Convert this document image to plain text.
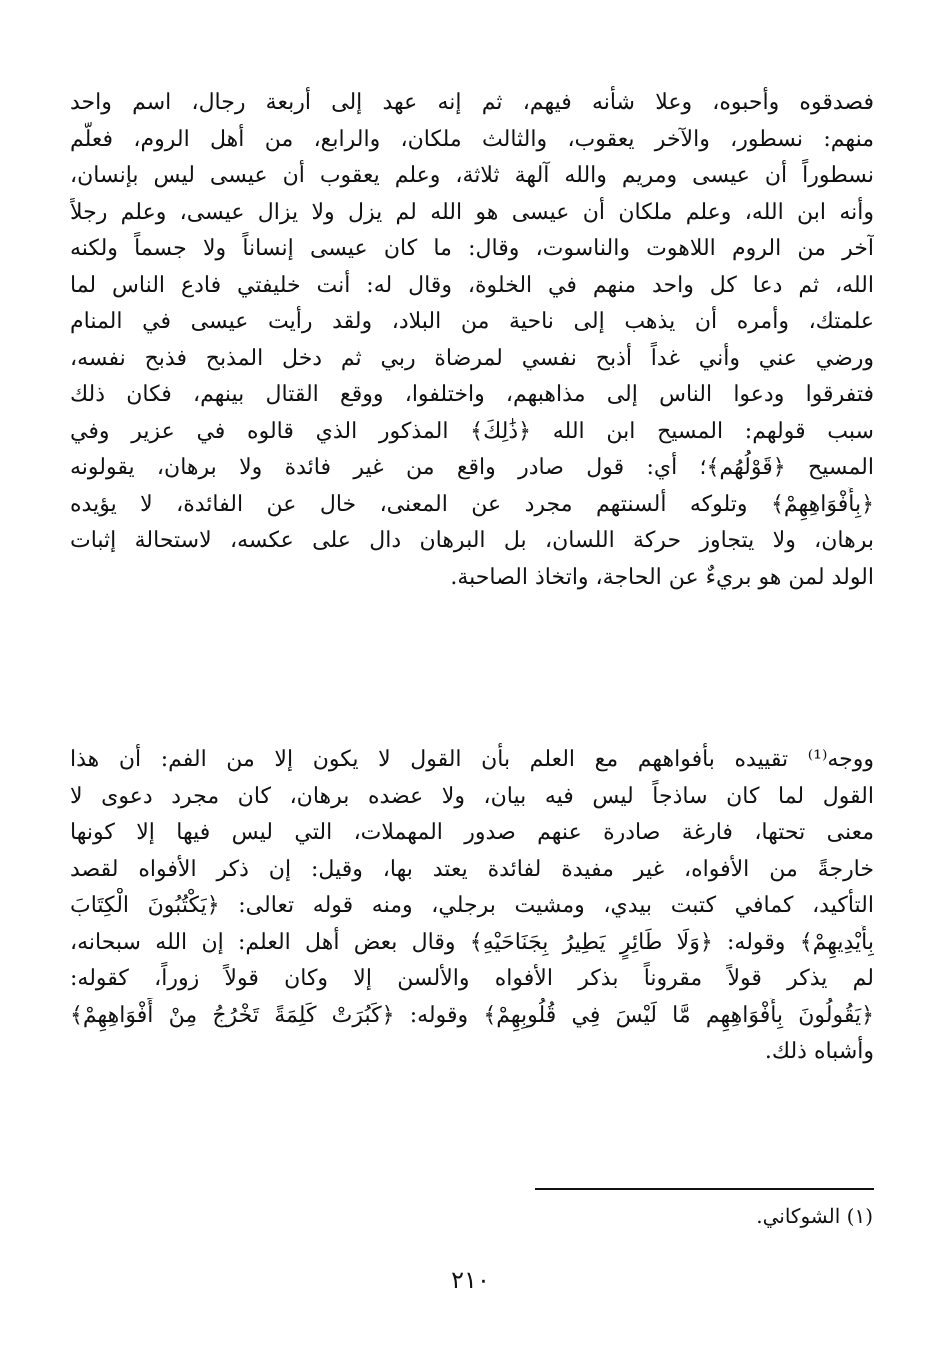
فصدقوه وأحبوه، وعلا شأنه فيهم، ثم إنه عهد إلى أربعة رجال، اسم واحد
منهم: نسطور، والآخر يعقوب، والثالث ملكان، والرابع، من أهل الروم، فعلّم
نسطوراً أن عيسى ومريم والله آلهة ثلاثة، وعلم يعقوب أن عيسى ليس بإنسان،
وأنه ابن الله، وعلم ملكان أن عيسى هو الله لم يزل ولا يزال عيسى، وعلم رجلاً
آخر من الروم اللاهوت والناسوت، وقال: ما كان عيسى إنساناً ولا جسماً ولكنه
الله، ثم دعا كل واحد منهم في الخلوة، وقال له: أنت خليفتي فادع الناس لما
علمتك، وأمره أن يذهب إلى ناحية من البلاد، ولقد رأيت عيسى في المنام
ورضي عني وأني غداً أذبح نفسي لمرضاة ربي ثم دخل المذبح فذبح نفسه،
فتفرقوا ودعوا الناس إلى مذاهبهم، واختلفوا، ووقع القتال بينهم، فكان ذلك
سبب قولهم: المسيح ابن الله ﴿ذَٰلِكَ﴾ المذكور الذي قالوه في عزير وفي
المسيح ﴿قَوْلُهُم﴾؛ أي: قول صادر واقع من غير فائدة ولا برهان، يقولونه
﴿بِأَفْوَاهِهِمْ﴾ وتلوكه ألسنتهم مجرد عن المعنى، خال عن الفائدة، لا يؤيده
برهان، ولا يتجاوز حركة اللسان، بل البرهان دال على عكسه، لاستحالة إثبات
الولد لمن هو بريءٌ عن الحاجة، واتخاذ الصاحبة.
ووجه⁽¹⁾ تقييده بأفواههم مع العلم بأن القول لا يكون إلا من الفم: أن هذا
القول لما كان ساذجاً ليس فيه بيان، ولا عضده برهان، كان مجرد دعوى لا
معنى تحتها، فارغة صادرة عنهم صدور المهملات، التي ليس فيها إلا كونها
خارجةً من الأفواه، غير مفيدة لفائدة يعتد بها، وقيل: إن ذكر الأفواه لقصد
التأكيد، كمافي كتبت بيدي، ومشيت برجلي، ومنه قوله تعالى: ﴿يَكْتُبُونَ الْكِتَابَ
بِأَيْدِيهِمْ﴾ وقوله: ﴿وَلَا طَائِرٍ يَطِيرُ بِجَنَاحَيْهِ﴾ وقال بعض أهل العلم: إن الله سبحانه،
لم يذكر قولاً مقروناً بذكر الأفواه والألسن إلا وكان قولاً زوراً، كقوله:
﴿يَقُولُونَ بِأَفْوَاهِهِم مَّا لَيْسَ فِي قُلُوبِهِمْ﴾ وقوله: ﴿كَبُرَتْ كَلِمَةً تَخْرُجُ مِنْ أَفْوَاهِهِمْ﴾
وأشباه ذلك.
(١) الشوكاني.
٢١٠
